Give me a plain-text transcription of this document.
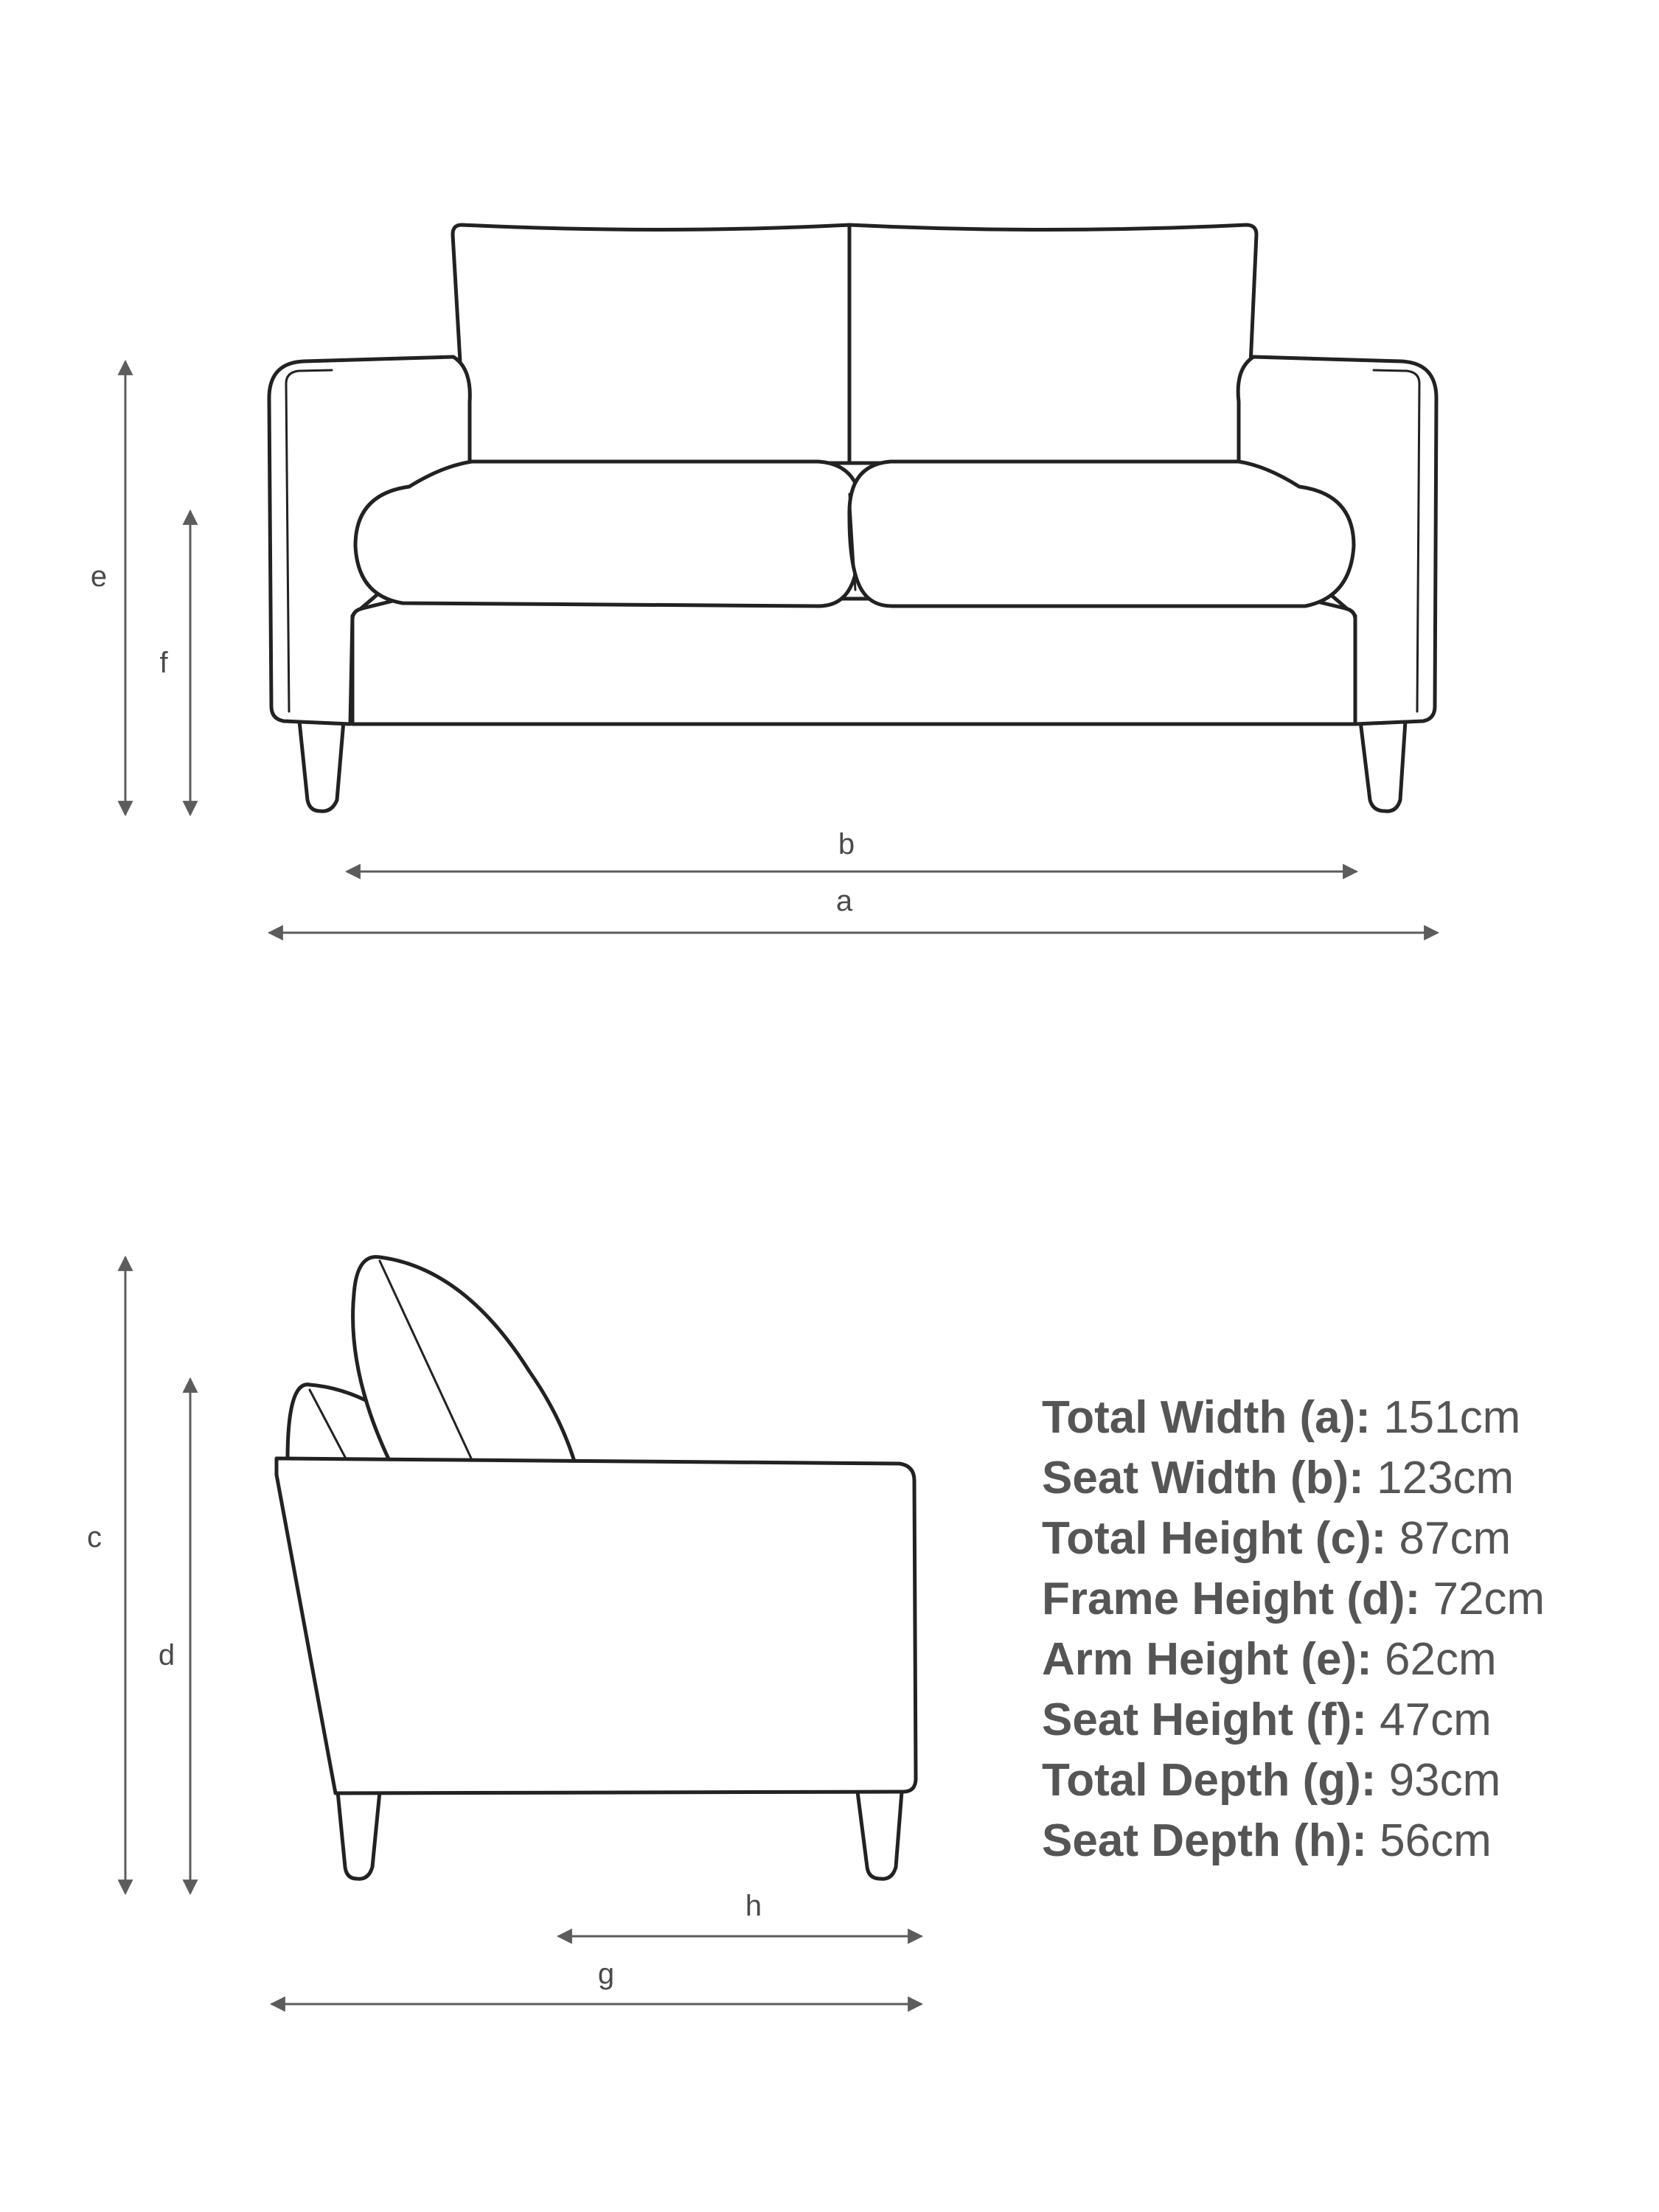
e
f
b
a
c
d
h
g
Total Width (a): 151cm
Seat Width (b): 123cm
Total Height (c): 87cm
Frame Height (d): 72cm
Arm Height (e): 62cm
Seat Height (f): 47cm
Total Depth (g): 93cm
Seat Depth (h): 56cm
